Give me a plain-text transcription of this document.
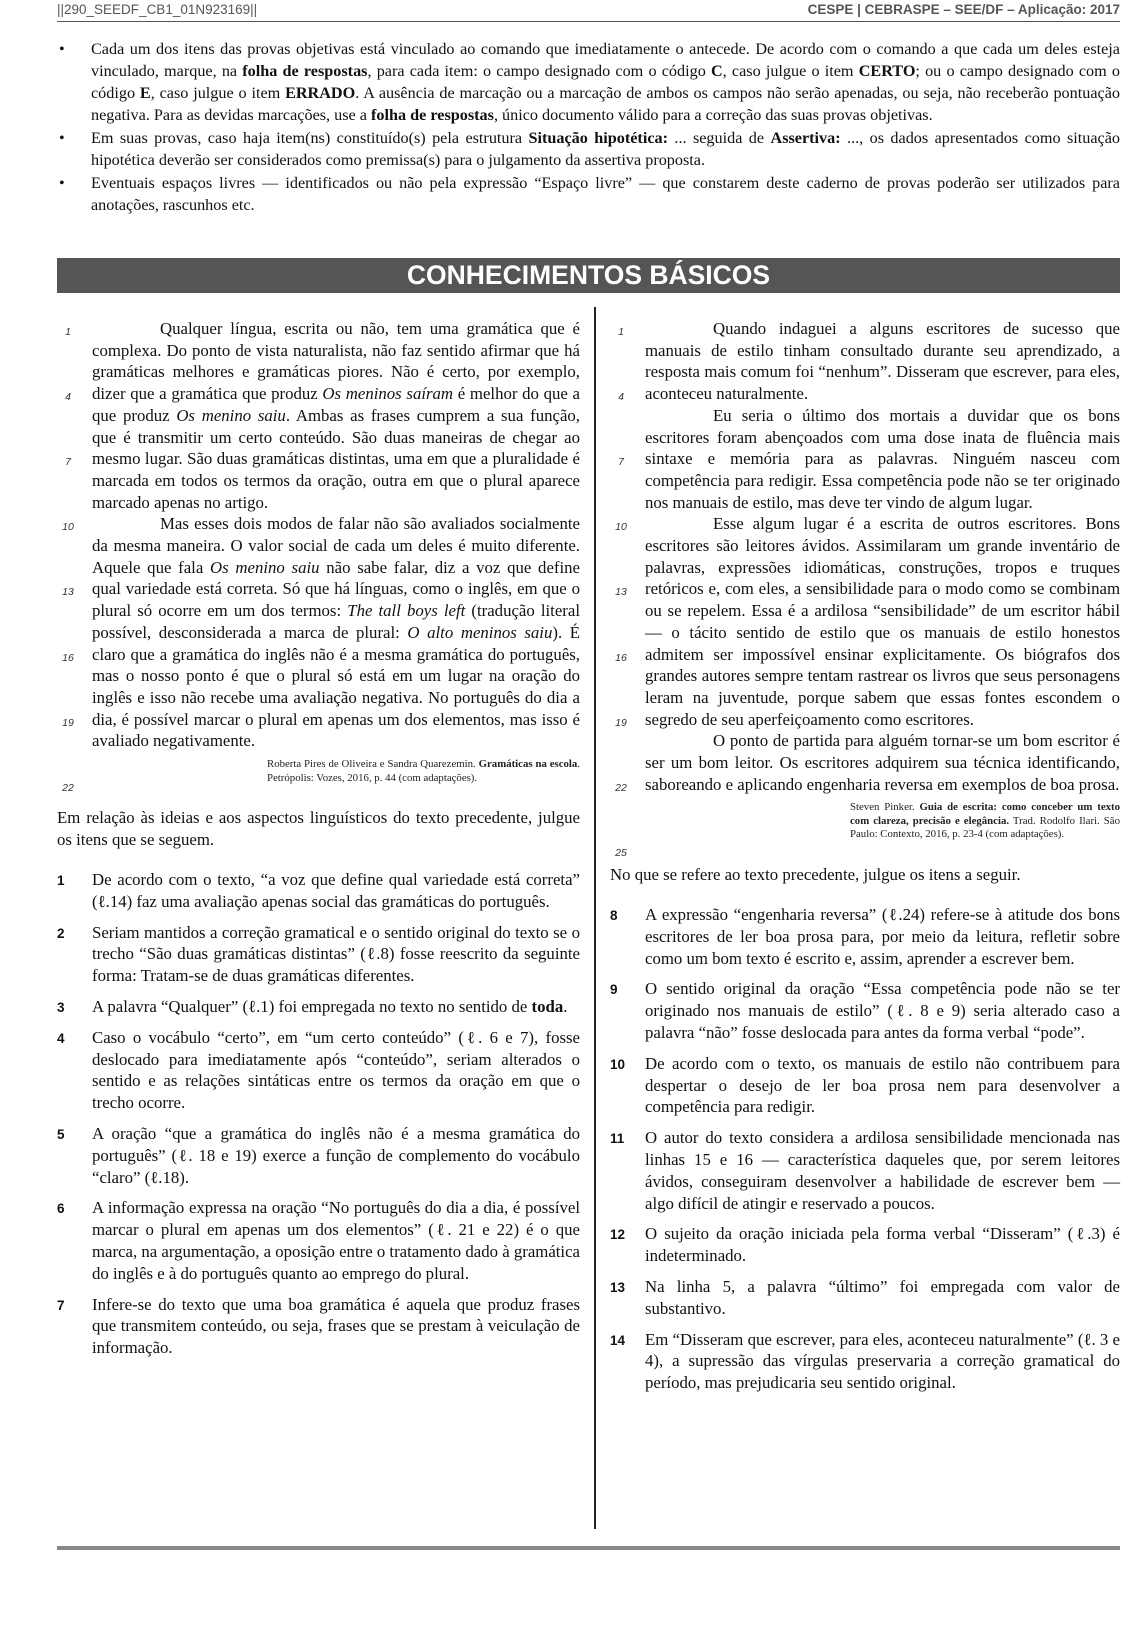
||290_SEEDF_CB1_01N923169||	CESPE | CEBRASPE – SEE/DF – Aplicação: 2017
• Cada um dos itens das provas objetivas está vinculado ao comando que imediatamente o antecede. De acordo com o comando a que cada um deles esteja vinculado, marque, na folha de respostas, para cada item: o campo designado com o código C, caso julgue o item CERTO; ou o campo designado com o código E, caso julgue o item ERRADO. A ausência de marcação ou a marcação de ambos os campos não serão apenadas, ou seja, não receberão pontuação negativa. Para as devidas marcações, use a folha de respostas, único documento válido para a correção das suas provas objetivas.
• Em suas provas, caso haja item(ns) constituído(s) pela estrutura Situação hipotética: ... seguida de Assertiva: ..., os dados apresentados como situação hipotética deverão ser considerados como premissa(s) para o julgamento da assertiva proposta.
• Eventuais espaços livres — identificados ou não pela expressão “Espaço livre” — que constarem deste caderno de provas poderão ser utilizados para anotações, rascunhos etc.
CONHECIMENTOS BÁSICOS

Qualquer língua, escrita ou não, tem uma gramática que é complexa. Do ponto de vista naturalista, não faz sentido afirmar que há gramáticas melhores e gramáticas piores. Não é certo, por exemplo, dizer que a gramática que produz Os meninos saíram é melhor do que a que produz Os menino saiu. Ambas as frases cumprem a sua função, que é transmitir um certo conteúdo. São duas maneiras de chegar ao mesmo lugar. São duas gramáticas distintas, uma em que a pluralidade é marcada em todos os termos da oração, outra em que o plural aparece marcado apenas no artigo.

Mas esses dois modos de falar não são avaliados socialmente da mesma maneira. O valor social de cada um deles é muito diferente. Aquele que fala Os menino saiu não sabe falar, diz a voz que define qual variedade está correta. Só que há línguas, como o inglês, em que o plural só ocorre em um dos termos: The tall boys left (tradução literal possível, desconsiderada a marca de plural: O alto meninos saiu). É claro que a gramática do inglês não é a mesma gramática do português, mas o nosso ponto é que o plural só está em um lugar na oração do inglês e isso não recebe uma avaliação negativa. No português do dia a dia, é possível marcar o plural em apenas um dos elementos, mas isso é avaliado negativamente.

1
4
7
10
13
16
19
22
Roberta Pires de Oliveira e Sandra Quarezemin. Gramáticas na escola. Petrópolis: Vozes, 2016, p. 44 (com adaptações).
Em relação às ideias e aos aspectos linguísticos do texto precedente, julgue os itens que se seguem.
1 De acordo com o texto, “a voz que define qual variedade está correta” (ℓ.14) faz uma avaliação apenas social das gramáticas do português.
2 Seriam mantidos a correção gramatical e o sentido original do texto se o trecho “São duas gramáticas distintas” (ℓ.8) fosse reescrito da seguinte forma: Tratam-se de duas gramáticas diferentes.
3 A palavra “Qualquer” (ℓ.1) foi empregada no texto no sentido de toda.
4 Caso o vocábulo “certo”, em “um certo conteúdo” (ℓ. 6 e 7), fosse deslocado para imediatamente após “conteúdo”, seriam alterados o sentido e as relações sintáticas entre os termos da oração em que o trecho ocorre.
5 A oração “que a gramática do inglês não é a mesma gramática do português” (ℓ. 18 e 19) exerce a função de complemento do vocábulo “claro” (ℓ.18).
6 A informação expressa na oração “No português do dia a dia, é possível marcar o plural em apenas um dos elementos” (ℓ. 21 e 22) é o que marca, na argumentação, a oposição entre o tratamento dado à gramática do inglês e à do português quanto ao emprego do plural.
7 Infere-se do texto que uma boa gramática é aquela que produz frases que transmitem conteúdo, ou seja, frases que se prestam à veiculação de informação.

Quando indaguei a alguns escritores de sucesso que manuais de estilo tinham consultado durante seu aprendizado, a resposta mais comum foi “nenhum”. Disseram que escrever, para eles, aconteceu naturalmente.

Eu seria o último dos mortais a duvidar que os bons escritores foram abençoados com uma dose inata de fluência mais sintaxe e memória para as palavras. Ninguém nasceu com competência para redigir. Essa competência pode não se ter originado nos manuais de estilo, mas deve ter vindo de algum lugar.

Esse algum lugar é a escrita de outros escritores. Bons escritores são leitores ávidos. Assimilaram um grande inventário de palavras, expressões idiomáticas, construções, tropos e truques retóricos e, com eles, a sensibilidade para o modo como se combinam ou se repelem. Essa é a ardilosa “sensibilidade” de um escritor hábil — o tácito sentido de estilo que os manuais de estilo honestos admitem ser impossível ensinar explicitamente. Os biógrafos dos grandes autores sempre tentam rastrear os livros que seus personagens leram na juventude, porque sabem que essas fontes escondem o segredo de seu aperfeiçoamento como escritores.

O ponto de partida para alguém tornar-se um bom escritor é ser um bom leitor. Os escritores adquirem sua técnica identificando, saboreando e aplicando engenharia reversa em exemplos de boa prosa.

1
4
7
10
13
16
19
22
25
Steven Pinker. Guia de escrita: como conceber um texto com clareza, precisão e elegância. Trad. Rodolfo Ilari. São Paulo: Contexto, 2016, p. 23-4 (com adaptações).
No que se refere ao texto precedente, julgue os itens a seguir.
8 A expressão “engenharia reversa” (ℓ.24) refere-se à atitude dos bons escritores de ler boa prosa para, por meio da leitura, refletir sobre como um bom texto é escrito e, assim, aprender a escrever bem.
9 O sentido original da oração “Essa competência pode não se ter originado nos manuais de estilo” (ℓ. 8 e 9) seria alterado caso a palavra “não” fosse deslocada para antes da forma verbal “pode”.
10 De acordo com o texto, os manuais de estilo não contribuem para despertar o desejo de ler boa prosa nem para desenvolver a competência para redigir.
11 O autor do texto considera a ardilosa sensibilidade mencionada nas linhas 15 e 16 — característica daqueles que, por serem leitores ávidos, conseguiram desenvolver a habilidade de escrever bem — algo difícil de atingir e reservado a poucos.
12 O sujeito da oração iniciada pela forma verbal “Disseram” (ℓ.3) é indeterminado.
13 Na linha 5, a palavra “último” foi empregada com valor de substantivo.
14 Em “Disseram que escrever, para eles, aconteceu naturalmente” (ℓ. 3 e 4), a supressão das vírgulas preservaria a correção gramatical do período, mas prejudicaria seu sentido original.
